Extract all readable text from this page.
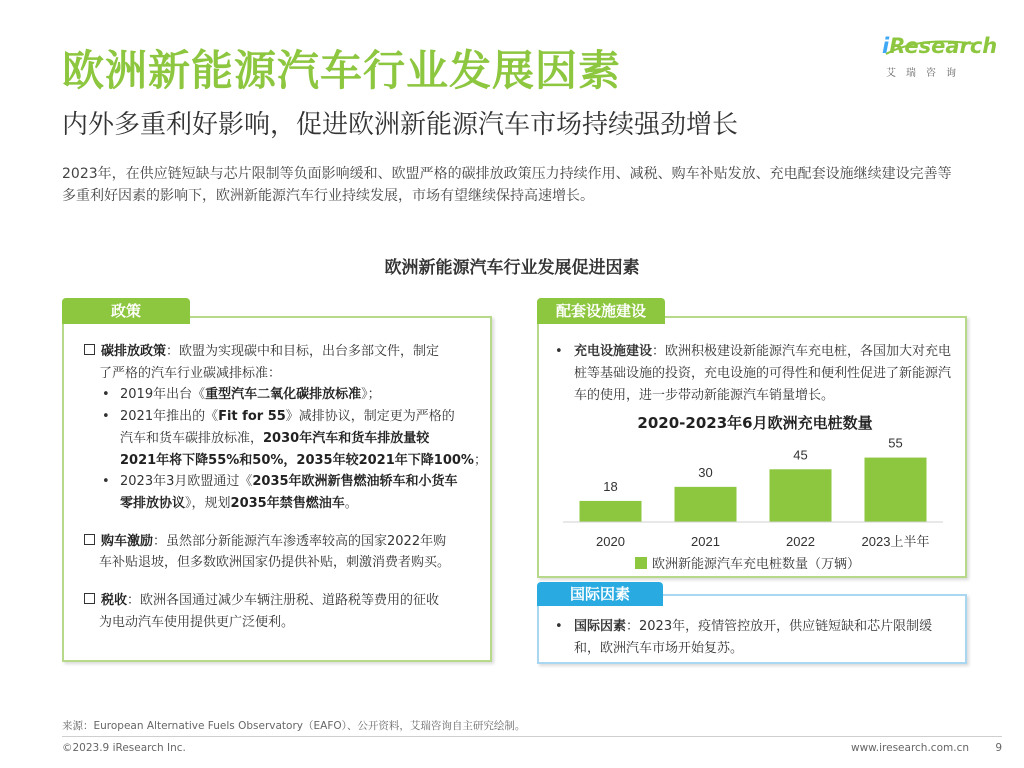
欧洲新能源汽车行业发展因素
内外多重利好影响，促进欧洲新能源汽车市场持续强劲增长
2023年，在供应链短缺与芯片限制等负面影响缓和、欧盟严格的碳排放政策压力持续作用、减税、购车补贴发放、充电配套设施继续建设完善等多重利好因素的影响下，欧洲新能源汽车行业持续发展，市场有望继续保持高速增长。
iResearch
艾瑞咨询
欧洲新能源汽车行业发展促进因素
政策
碳排放政策：欧盟为实现碳中和目标，出台多部文件，制定
了严格的汽车行业碳减排标准：
• 2019年出台《重型汽车二氧化碳排放标准》；
• 2021年推出的《Fit for 55》减排协议，制定更为严格的
汽车和货车碳排放标准，2030年汽车和货车排放量较
2021年将下降55%和50%，2035年较2021年下降100%；
• 2023年3月欧盟通过《2035年欧洲新售燃油轿车和小货车
零排放协议》，规划2035年禁售燃油车。
购车激励：虽然部分新能源汽车渗透率较高的国家2022年购
车补贴退坡，但多数欧洲国家仍提供补贴，刺激消费者购买。
税收：欧洲各国通过减少车辆注册税、道路税等费用的征收
为电动汽车使用提供更广泛便利。
配套设施建设
• 充电设施建设：欧洲积极建设新能源汽车充电桩，各国加大对充电桩等基础设施的投资，充电设施的可得性和便利性促进了新能源汽车的使用，进一步带动新能源汽车销量增长。
2020-2023年6月欧洲充电桩数量
18
2020
30
2021
45
2022
55
2023上半年
欧洲新能源汽车充电桩数量（万辆）
国际因素
• 国际因素：2023年，疫情管控放开，供应链短缺和芯片限制缓和，欧洲汽车市场开始复苏。
来源：European Alternative Fuels Observatory（EAFO）、公开资料，艾瑞咨询自主研究绘制。
©2023.9 iResearch Inc.	www.iresearch.com.cn	9
